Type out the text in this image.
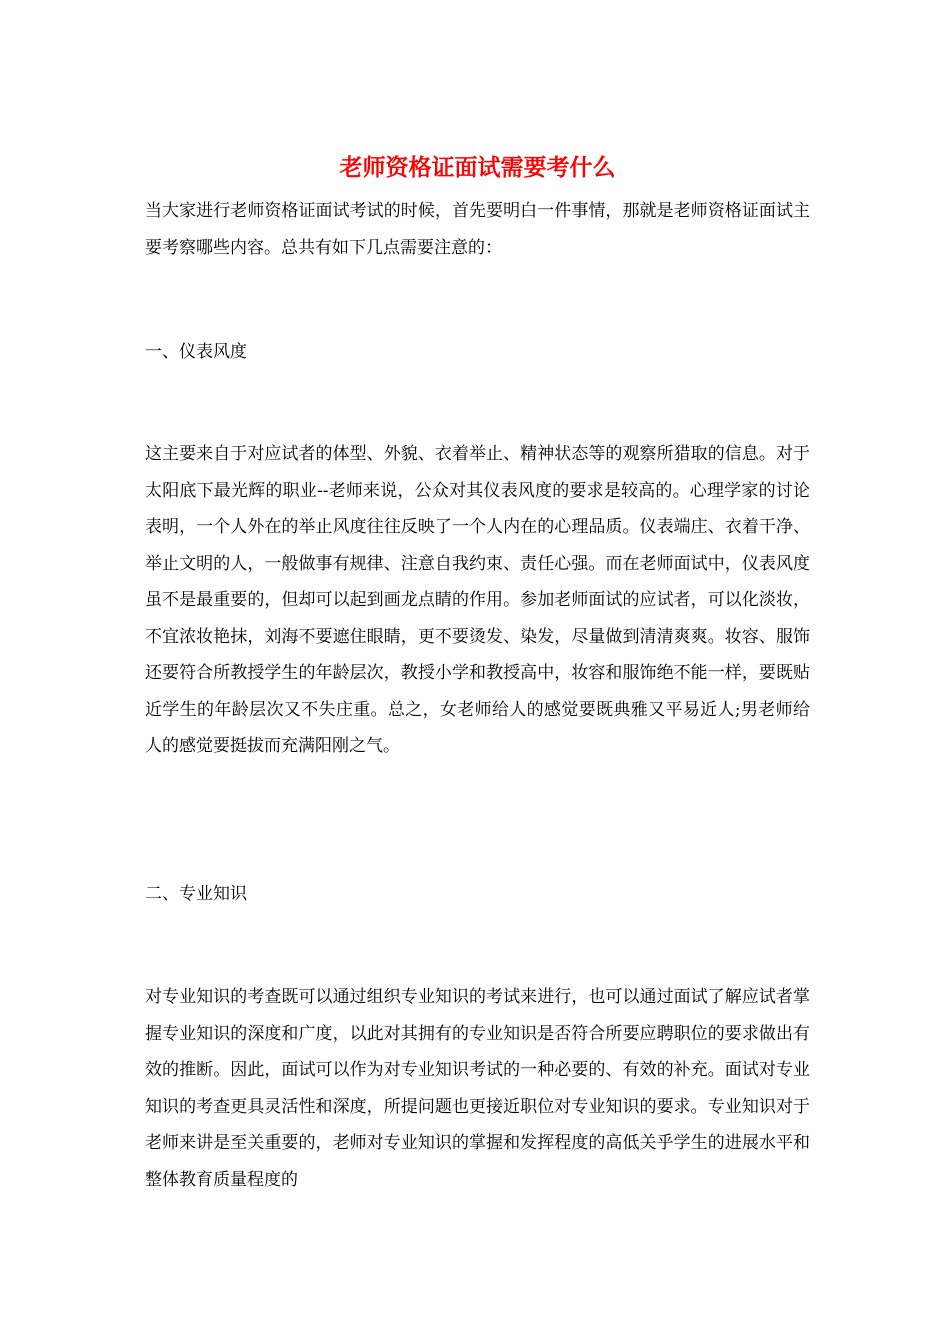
老师资格证面试需要考什么

当大家进行老师资格证面试考试的时候，首先要明白一件事情，那就是老师资格证面试主要考察哪些内容。总共有如下几点需要注意的：

一、仪表风度

这主要来自于对应试者的体型、外貌、衣着举止、精神状态等的观察所猎取的信息。对于太阳底下最光辉的职业--老师来说，公众对其仪表风度的要求是较高的。心理学家的讨论表明，一个人外在的举止风度往往反映了一个人内在的心理品质。仪表端庄、衣着干净、举止文明的人，一般做事有规律、注意自我约束、责任心强。而在老师面试中，仪表风度虽不是最重要的，但却可以起到画龙点睛的作用。参加老师面试的应试者，可以化淡妆，不宜浓妆艳抹，刘海不要遮住眼睛，更不要烫发、染发，尽量做到清清爽爽。妆容、服饰还要符合所教授学生的年龄层次，教授小学和教授高中，妆容和服饰绝不能一样，要既贴近学生的年龄层次又不失庄重。总之，女老师给人的感觉要既典雅又平易近人;男老师给人的感觉要挺拔而充满阳刚之气。

二、专业知识

对专业知识的考查既可以通过组织专业知识的考试来进行，也可以通过面试了解应试者掌握专业知识的深度和广度，以此对其拥有的专业知识是否符合所要应聘职位的要求做出有效的推断。因此，面试可以作为对专业知识考试的一种必要的、有效的补充。面试对专业知识的考查更具灵活性和深度，所提问题也更接近职位对专业知识的要求。专业知识对于老师来讲是至关重要的，老师对专业知识的掌握和发挥程度的高低关乎学生的进展水平和整体教育质量程度的
